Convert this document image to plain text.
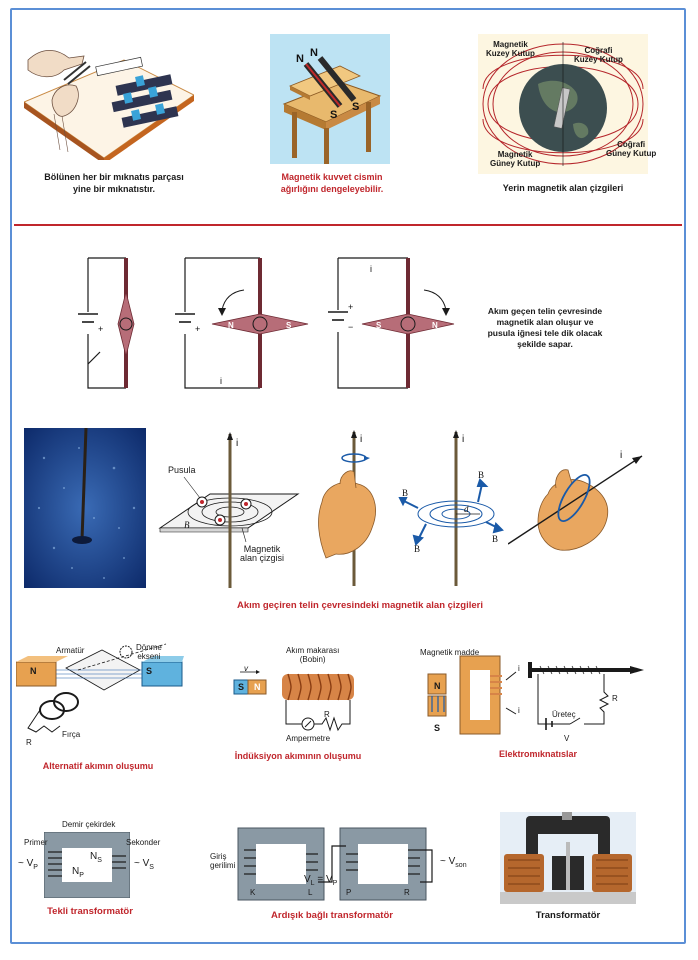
Bölünen her bir mıknatıs parçası
yine bir mıknatıstır.
N N
S
S
Magnetik kuvvet cismin
ağırlığını dengeleyebilir.
Magnetik
Kuzey Kutup	Coğrafi
Kuzey Kutup
Coğrafi
Güney Kutup
Magnetik
Güney Kutup
Yerin magnetik alan çizgileri
+	+
+
−
N	S	S	N
i
i
Akım geçen telin çevresinde
magnetik alan oluşur ve
pusula iğnesi tele dik olacak
şekilde sapar.
i
B
Pusula
Magnetik
alan çizgisi
i	i
d
B
B
B
B
i
Akım geçiren telin çevresindeki magnetik alan çizgileri
Armatür	Dönme
ekseni
N	S
R
Fırça
Alternatif akımın oluşumu
v
S N
Akım makarası
(Bobin)
R
Ampermetre
İndüksiyon akımının oluşumu
Magnetik madde
N
S
i
i	Üreteç
R
V
Elektromıknatıslar
Demir çekirdek
Primer	Sekonder
~ $V_P$	~ $V_S$
$N_S$
$N_P$
Tekli transformatör
Giriş
gerilimi
K	L	P	R
$V_L = V_P$
~ $V_{son}$
Ardışık bağlı transformatör	Transformatör
